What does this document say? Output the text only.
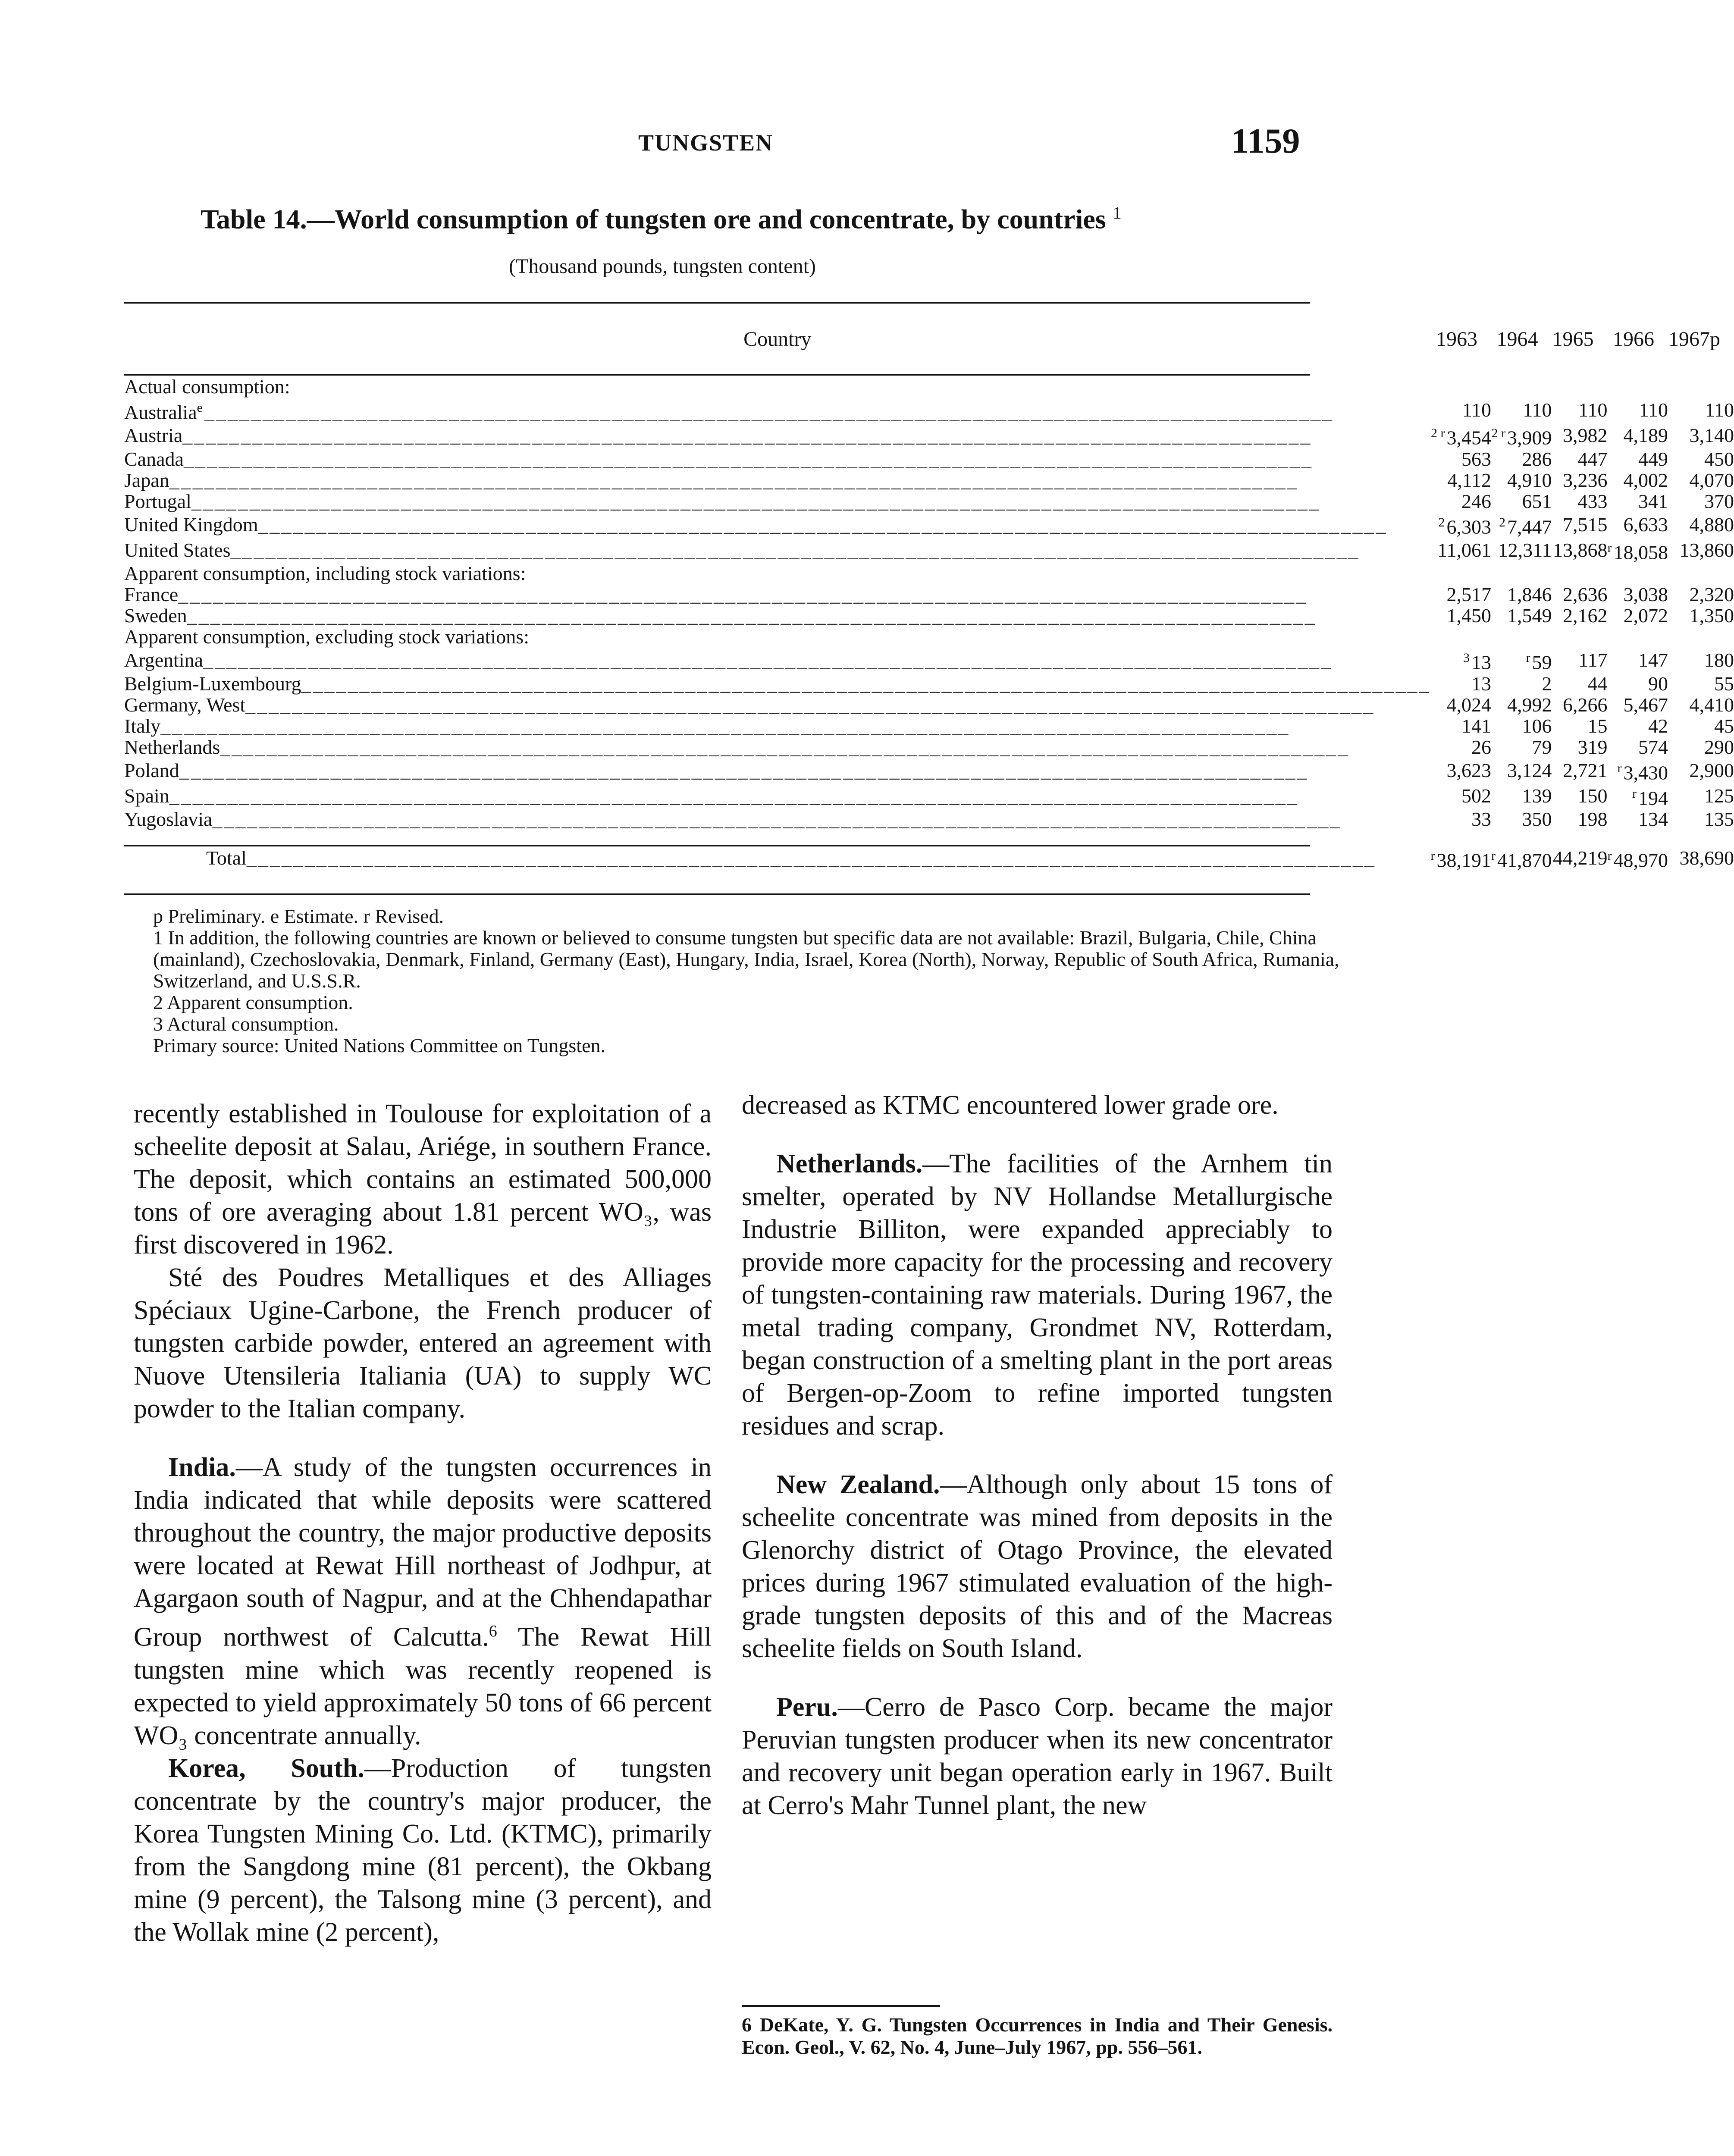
TUNGSTEN	1159
Table 14.—World consumption of tungsten ore and concentrate, by countries $^1$
(Thousand pounds, tungsten content)
Country	1963	1964	1965	1966	1967p
Actual consumption:					
Australia$^e$ _____	110	110	110	110	110
Austria _____	$^{2 r}$3,454	$^{2 r}$3,909	3,982	4,189	3,140
Canada _____	563	286	447	449	450
Japan _____	4,112	4,910	3,236	4,002	4,070
Portugal _____	246	651	433	341	370
United Kingdom _____	$^2$6,303	$^2$7,447	7,515	6,633	4,880
United States _____	11,061	12,311	13,868	$^r$18,058	13,860
Apparent consumption, including stock variations:					
France _____	2,517	1,846	2,636	3,038	2,320
Sweden _____	1,450	1,549	2,162	2,072	1,350
Apparent consumption, excluding stock variations:					
Argentina _____	$^3$13	$^r$59	117	147	180
Belgium-Luxembourg _____	13	2	44	90	55
Germany, West _____	4,024	4,992	6,266	5,467	4,410
Italy _____	141	106	15	42	45
Netherlands _____	26	79	319	574	290
Poland _____	3,623	3,124	2,721	$^r$3,430	2,900
Spain _____	502	139	150	$^r$194	125
Yugoslavia _____	33	350	198	134	135
Total _____	$^r$38,191	$^r$41,870	44,219	$^r$48,970	38,690

p Preliminary. e Estimate. r Revised.

1 In addition, the following countries are known or believed to consume tungsten but specific data are not available: Brazil, Bulgaria, Chile, China (mainland), Czechoslovakia, Denmark, Finland, Germany (East), Hungary, India, Israel, Korea (North), Norway, Republic of South Africa, Rumania, Switzerland, and U.S.S.R.

2 Apparent consumption.

3 Actural consumption.

Primary source: United Nations Committee on Tungsten.

recently established in Toulouse for exploitation of a scheelite deposit at Salau, Ariége, in southern France. The deposit, which contains an estimated 500,000 tons of ore averaging about 1.81 percent WO₃, was first discovered in 1962.

Sté des Poudres Metalliques et des Alliages Spéciaux Ugine-Carbone, the French producer of tungsten carbide powder, entered an agreement with Nuove Utensileria Italiania (UA) to supply WC powder to the Italian company.

India.—A study of the tungsten occurrences in India indicated that while deposits were scattered throughout the country, the major productive deposits were located at Rewat Hill northeast of Jodhpur, at Agargaon south of Nagpur, and at the Chhendapathar Group northwest of Calcutta.$^6$ The Rewat Hill tungsten mine which was recently reopened is expected to yield approximately 50 tons of 66 percent WO₃ concentrate annually.

Korea, South.—Production of tungsten concentrate by the country's major producer, the Korea Tungsten Mining Co. Ltd. (KTMC), primarily from the Sangdong mine (81 percent), the Okbang mine (9 percent), the Talsong mine (3 percent), and the Wollak mine (2 percent),

decreased as KTMC encountered lower grade ore.

Netherlands.—The facilities of the Arnhem tin smelter, operated by NV Hollandse Metallurgische Industrie Billiton, were expanded appreciably to provide more capacity for the processing and recovery of tungsten-containing raw materials. During 1967, the metal trading company, Grondmet NV, Rotterdam, began construction of a smelting plant in the port areas of Bergen-op-Zoom to refine imported tungsten residues and scrap.

New Zealand.—Although only about 15 tons of scheelite concentrate was mined from deposits in the Glenorchy district of Otago Province, the elevated prices during 1967 stimulated evaluation of the high-grade tungsten deposits of this and of the Macreas scheelite fields on South Island.

Peru.—Cerro de Pasco Corp. became the major Peruvian tungsten producer when its new concentrator and recovery unit began operation early in 1967. Built at Cerro's Mahr Tunnel plant, the new

6 DeKate, Y. G. Tungsten Occurrences in India and Their Genesis. Econ. Geol., V. 62, No. 4, June–July 1967, pp. 556–561.
